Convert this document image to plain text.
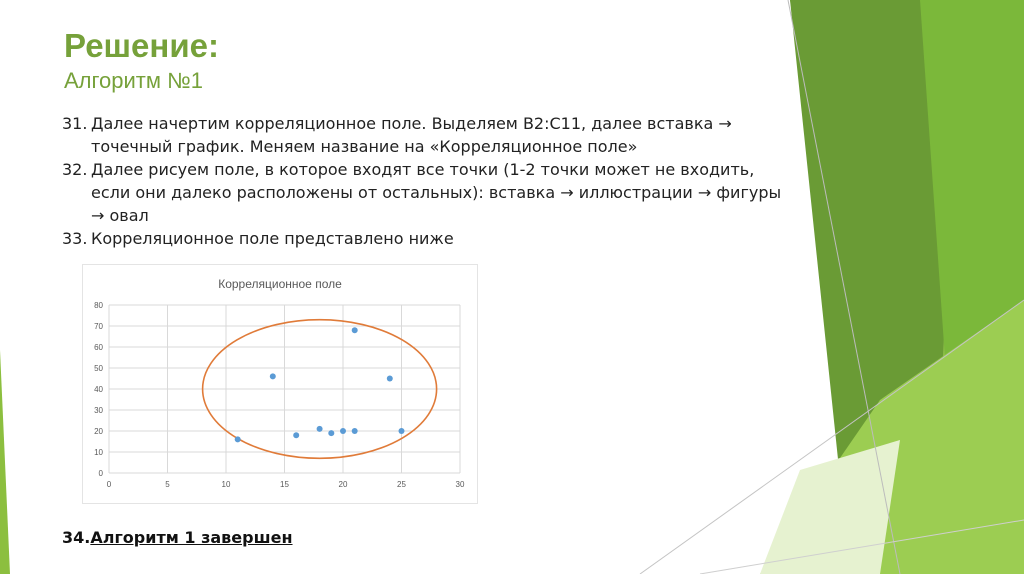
Решение:
Алгоритм №1
31. Далее начертим корреляционное поле. Выделяем В2:С11, далее вставка → точечный график. Меняем название на «Корреляционное поле»
32. Далее рисуем поле, в которое входят все точки (1-2 точки может не входить, если они далеко расположены от остальных): вставка → иллюстрации → фигуры → овал
33. Корреляционное поле представлено ниже
Корреляционное поле
0
10
20
30
40
50
60
70
80
0	5	10	15	20	25	30
34.Алгоритм 1 завершен
